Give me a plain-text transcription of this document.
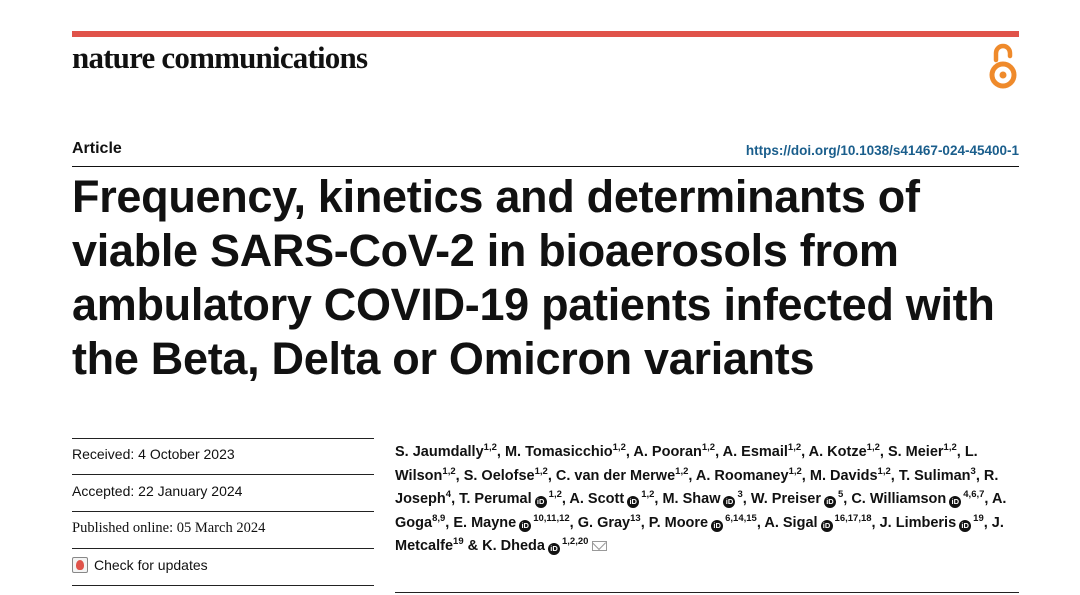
nature communications
Article	https://doi.org/10.1038/s41467-024-45400-1
Frequency, kinetics and determinants of viable SARS-CoV-2 in bioaerosols from ambulatory COVID-19 patients infected with the Beta, Delta or Omicron variants
Received: 4 October 2023
Accepted: 22 January 2024
Published online: 05 March 2024
Check for updates

S. Jaumdally$^{1,2}$, M. Tomasicchio$^{1,2}$, A. Pooran$^{1,2}$, A. Esmail$^{1,2}$, A. Kotze$^{1,2}$, S. Meier$^{1,2}$, L. Wilson$^{1,2}$, S. Oelofse$^{1,2}$, C. van der Merwe$^{1,2}$, A. Roomaney$^{1,2}$, M. Davids$^{1,2}$, T. Suliman$^3$, R. Joseph$^4$, T. Perumal iD$^{1,2}$, A. Scott iD$^{1,2}$, M. Shaw $iD^3$, W. Preiser $iD^5$, C. Williamson iD$^{4,6,7}$, A. Goga$^{8,9}$, E. Mayne iD$^{10,11,12}$, G. Gray$^{13}$, P. Moore iD$^{6,14,15}$, A. Sigal iD$^{16,17,18}$, J. Limberis $iD^{19}$, J. Metcalfe$^{19}$ & K. Dheda iD$^{1,2,20}$
